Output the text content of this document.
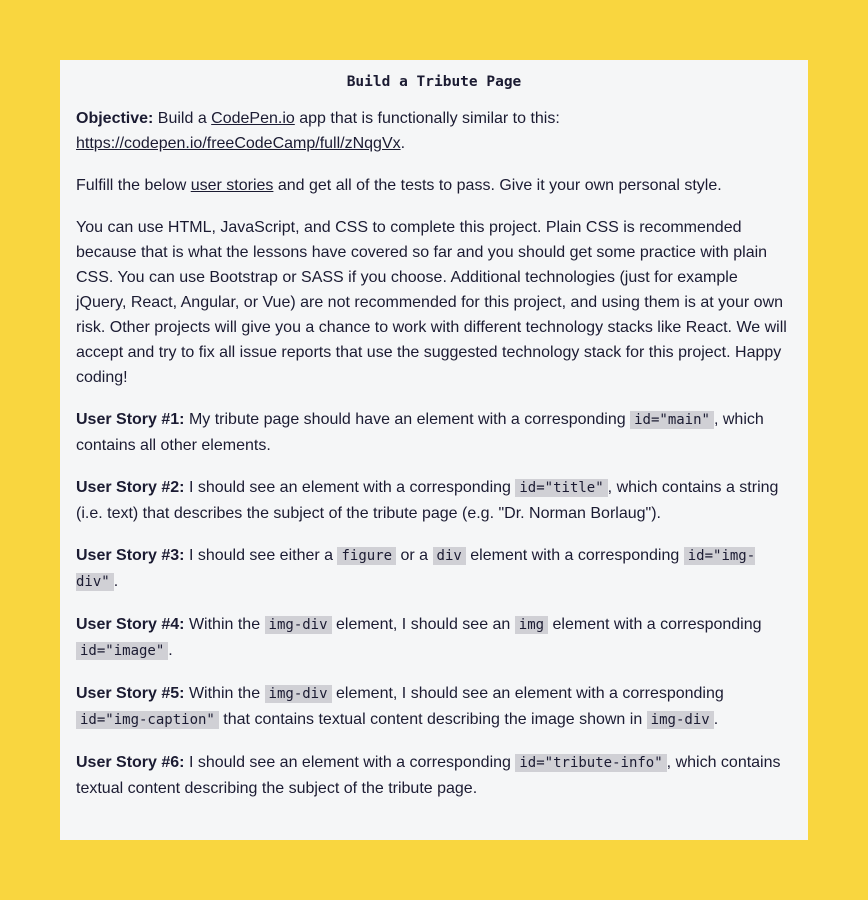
Build a Tribute Page

Objective: Build a CodePen.io app that is functionally similar to this: https://codepen.io/freeCodeCamp/full/zNqgVx.

Fulfill the below user stories and get all of the tests to pass. Give it your own personal style.

You can use HTML, JavaScript, and CSS to complete this project. Plain CSS is recommended because that is what the lessons have covered so far and you should get some practice with plain CSS. You can use Bootstrap or SASS if you choose. Additional technologies (just for example jQuery, React, Angular, or Vue) are not recommended for this project, and using them is at your own risk. Other projects will give you a chance to work with different technology stacks like React. We will accept and try to fix all issue reports that use the suggested technology stack for this project. Happy coding!

User Story #1: My tribute page should have an element with a corresponding id="main" , which contains all other elements.

User Story #2: I should see an element with a corresponding id="title" , which contains a string (i.e. text) that describes the subject of the tribute page (e.g. "Dr. Norman Borlaug").

User Story #3: I should see either a figure or a div element with a corresponding id="img-div" .

User Story #4: Within the img-div element, I should see an img element with a corresponding id="image" .

User Story #5: Within the img-div element, I should see an element with a corresponding id="img-caption" that contains textual content describing the image shown in img-div .

User Story #6: I should see an element with a corresponding id="tribute-info" , which contains textual content describing the subject of the tribute page.
